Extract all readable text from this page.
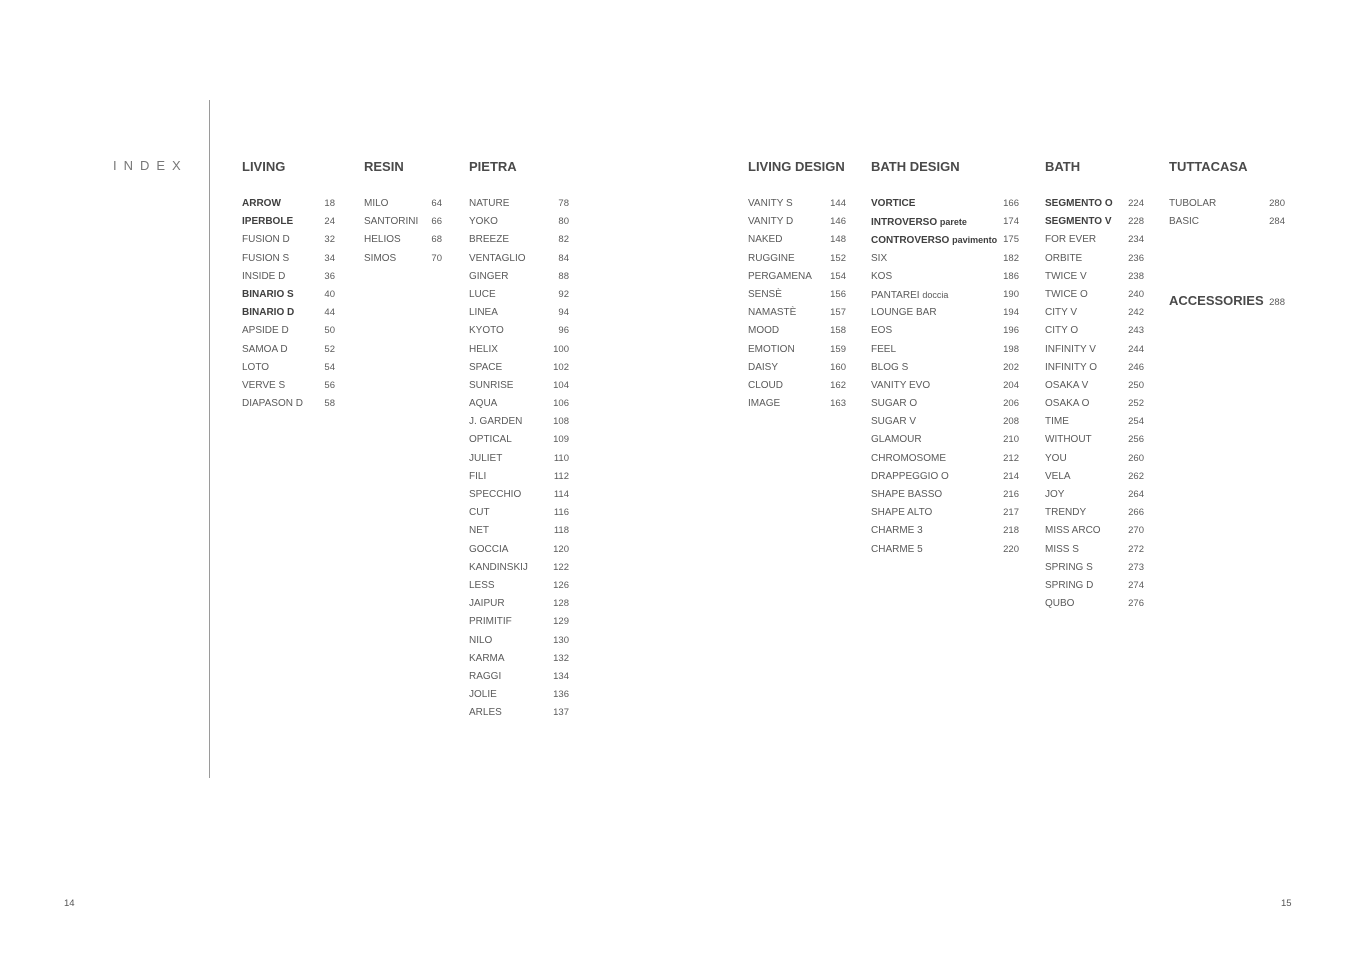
INDEX	LIVING
ARROW	18
IPERBOLE	24
FUSION D	32
FUSION S	34
INSIDE D	36
BINARIO S	40
BINARIO D	44
APSIDE D	50
SAMOA D	52
LOTO	54
VERVE S	56
DIAPASON D 58
RESIN
MILO	64
SANTORINI 66
HELIOS	68
SIMOS	70
PIETRA
NATURE	78
YOKO	80
BREEZE	82
VENTAGLIO	84
GINGER	88
LUCE	92
LINEA	94
KYOTO	96
HELIX	100
SPACE	102
SUNRISE	104
AQUA	106
J. GARDEN	108
OPTICAL	109
JULIET	110
FILI	112
SPECCHIO	114
CUT	116
NET	118
GOCCIA	120
KANDINSKIJ	122
LESS	126
JAIPUR	128
PRIMITIF	129
NILO	130
KARMA	132
RAGGI	134
JOLIE	136
ARLES	137
LIVING DESIGN
VANITY S	144
VANITY D	146
NAKED	148
RUGGINE	152
PERGAMENA 154
SENSÈ	156
NAMASTÈ	157
MOOD	158
EMOTION	159
DAISY	160
CLOUD	162
IMAGE	163
BATH DESIGN
VORTICE	166
INTROVERSO parete	174
CONTROVERSO pavimento 175
SIX	182
KOS	186
PANTAREI doccia	190
LOUNGE BAR	194
EOS	196
FEEL	198
BLOG S	202
VANITY EVO	204
SUGAR O	206
SUGAR V	208
GLAMOUR	210
CHROMOSOME	212
DRAPPEGGIO O	214
SHAPE BASSO	216
SHAPE ALTO	217
CHARME 3	218
CHARME 5	220
BATH
SEGMENTO O 224
SEGMENTO V 228
FOR EVER	234
ORBITE	236
TWICE V	238
TWICE O	240
CITY V	242
CITY O	243
INFINITY V	244
INFINITY O	246
OSAKA V	250
OSAKA O	252
TIME	254
WITHOUT	256
YOU	260
VELA	262
JOY	264
TRENDY	266
MISS ARCO	270
MISS S	272
SPRING S	273
SPRING D	274
QUBO	276
TUTTACASA
TUBOLAR	280
BASIC	284
ACCESSORIES 288
14	15
